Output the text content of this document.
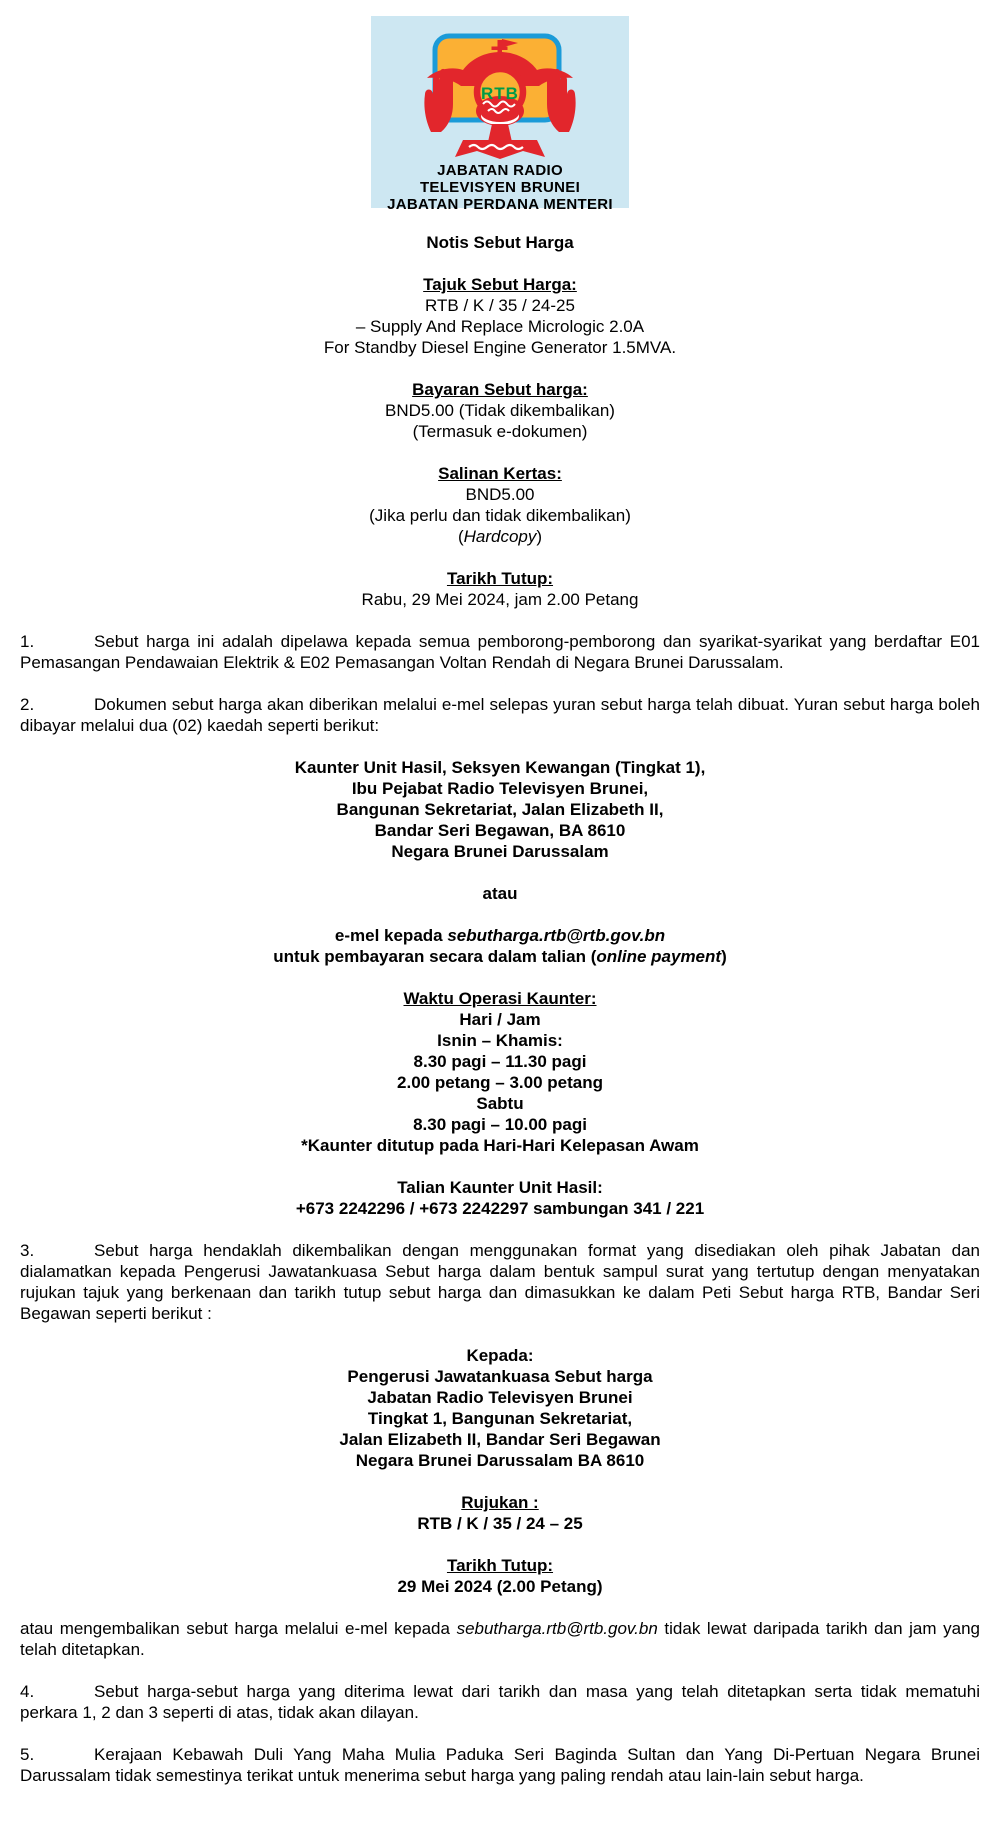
RTB
JABATAN RADIO
TELEVISYEN BRUNEI
JABATAN PERDANA MENTERI
Notis Sebut Harga
Tajuk Sebut Harga:
RTB / K / 35 / 24-25
– Supply And Replace Micrologic 2.0A
For Standby Diesel Engine Generator 1.5MVA.
Bayaran Sebut harga:
BND5.00 (Tidak dikembalikan)
(Termasuk e-dokumen)
Salinan Kertas:
BND5.00
(Jika perlu dan tidak dikembalikan)
(Hardcopy)
Tarikh Tutup:
Rabu, 29 Mei 2024, jam 2.00 Petang

1.	Sebut harga ini adalah dipelawa kepada semua pemborong-pemborong dan syarikat-syarikat yang berdaftar E01 Pemasangan Pendawaian Elektrik & E02 Pemasangan Voltan Rendah di Negara Brunei Darussalam.

2.	Dokumen sebut harga akan diberikan melalui e-mel selepas yuran sebut harga telah dibuat. Yuran sebut harga boleh dibayar melalui dua (02) kaedah seperti berikut:

Kaunter Unit Hasil, Seksyen Kewangan (Tingkat 1),
Ibu Pejabat Radio Televisyen Brunei,
Bangunan Sekretariat, Jalan Elizabeth II,
Bandar Seri Begawan, BA 8610
Negara Brunei Darussalam
atau
e-mel kepada sebutharga.rtb@rtb.gov.bn
untuk pembayaran secara dalam talian (online payment)
Waktu Operasi Kaunter:
Hari / Jam
Isnin – Khamis:
8.30 pagi – 11.30 pagi
2.00 petang – 3.00 petang
Sabtu
8.30 pagi – 10.00 pagi
*Kaunter ditutup pada Hari-Hari Kelepasan Awam
Talian Kaunter Unit Hasil:
+673 2242296 / +673 2242297 sambungan 341 / 221

3.	Sebut harga hendaklah dikembalikan dengan menggunakan format yang disediakan oleh pihak Jabatan dan dialamatkan kepada Pengerusi Jawatankuasa Sebut harga dalam bentuk sampul surat yang tertutup dengan menyatakan rujukan tajuk yang berkenaan dan tarikh tutup sebut harga dan dimasukkan ke dalam Peti Sebut harga RTB, Bandar Seri Begawan seperti berikut :

Kepada:
Pengerusi Jawatankuasa Sebut harga
Jabatan Radio Televisyen Brunei
Tingkat 1, Bangunan Sekretariat,
Jalan Elizabeth II, Bandar Seri Begawan
Negara Brunei Darussalam BA 8610
Rujukan :
RTB / K / 35 / 24 – 25
Tarikh Tutup:
29 Mei 2024 (2.00 Petang)

atau mengembalikan sebut harga melalui e-mel kepada sebutharga.rtb@rtb.gov.bn tidak lewat daripada tarikh dan jam yang telah ditetapkan.

4.	Sebut harga-sebut harga yang diterima lewat dari tarikh dan masa yang telah ditetapkan serta tidak mematuhi perkara 1, 2 dan 3 seperti di atas, tidak akan dilayan.

5.	Kerajaan Kebawah Duli Yang Maha Mulia Paduka Seri Baginda Sultan dan Yang Di-Pertuan Negara Brunei Darussalam tidak semestinya terikat untuk menerima sebut harga yang paling rendah atau lain-lain sebut harga.
